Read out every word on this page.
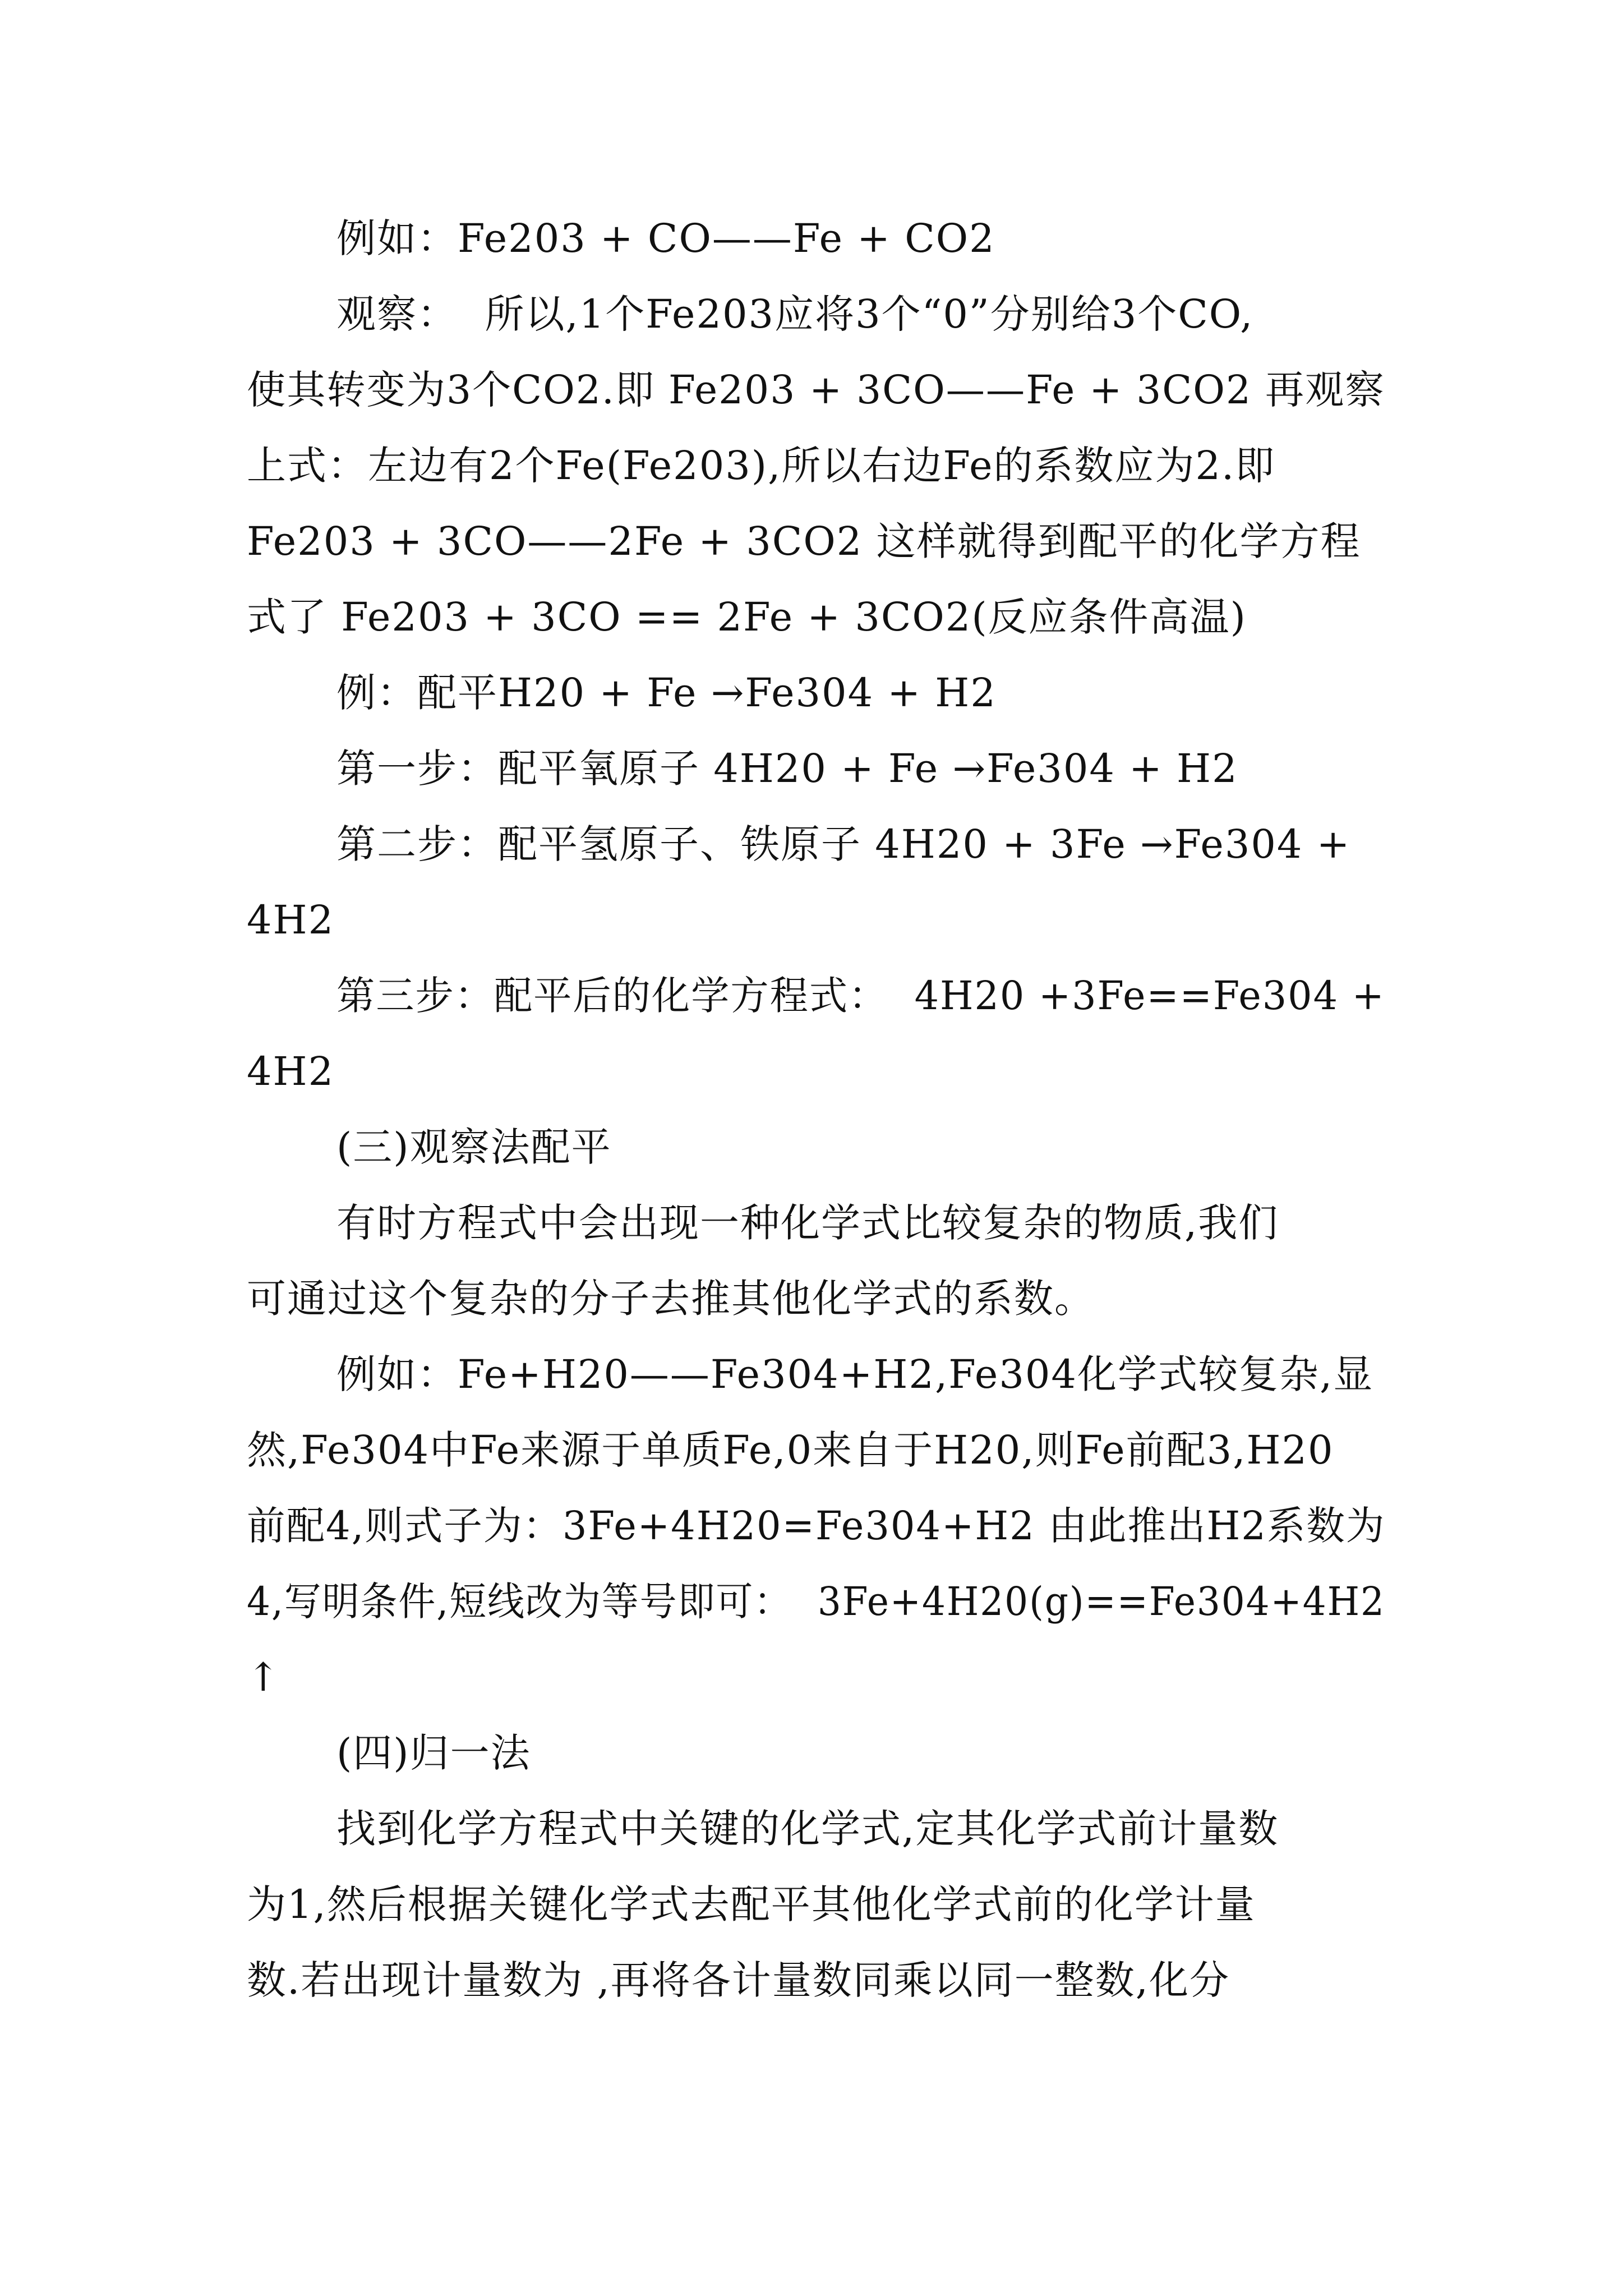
例如：Fe203 + CO——Fe + CO2
观察：  所以,1个Fe203应将3个“0”分别给3个CO,
使其转变为3个CO2.即 Fe203 + 3CO——Fe + 3CO2 再观察
上式：左边有2个Fe(Fe203),所以右边Fe的系数应为2.即
Fe203 + 3CO——2Fe + 3CO2 这样就得到配平的化学方程
式了 Fe203 + 3CO == 2Fe + 3CO2(反应条件高温)
例：配平H20 + Fe →Fe304 + H2
第一步：配平氧原子 4H20 + Fe →Fe304 + H2
第二步：配平氢原子、铁原子 4H20 + 3Fe →Fe304 +
4H2
第三步：配平后的化学方程式：  4H20 +3Fe==Fe304 +
4H2
(三)观察法配平
有时方程式中会出现一种化学式比较复杂的物质,我们
可通过这个复杂的分子去推其他化学式的系数。
例如：Fe+H20——Fe304+H2,Fe304化学式较复杂,显
然,Fe304中Fe来源于单质Fe,0来自于H20,则Fe前配3,H20
前配4,则式子为：3Fe+4H20=Fe304+H2 由此推出H2系数为
4,写明条件,短线改为等号即可：  3Fe+4H20(g)==Fe304+4H2
↑
(四)归一法
找到化学方程式中关键的化学式,定其化学式前计量数
为1,然后根据关键化学式去配平其他化学式前的化学计量
数.若出现计量数为 ,再将各计量数同乘以同一整数,化分
